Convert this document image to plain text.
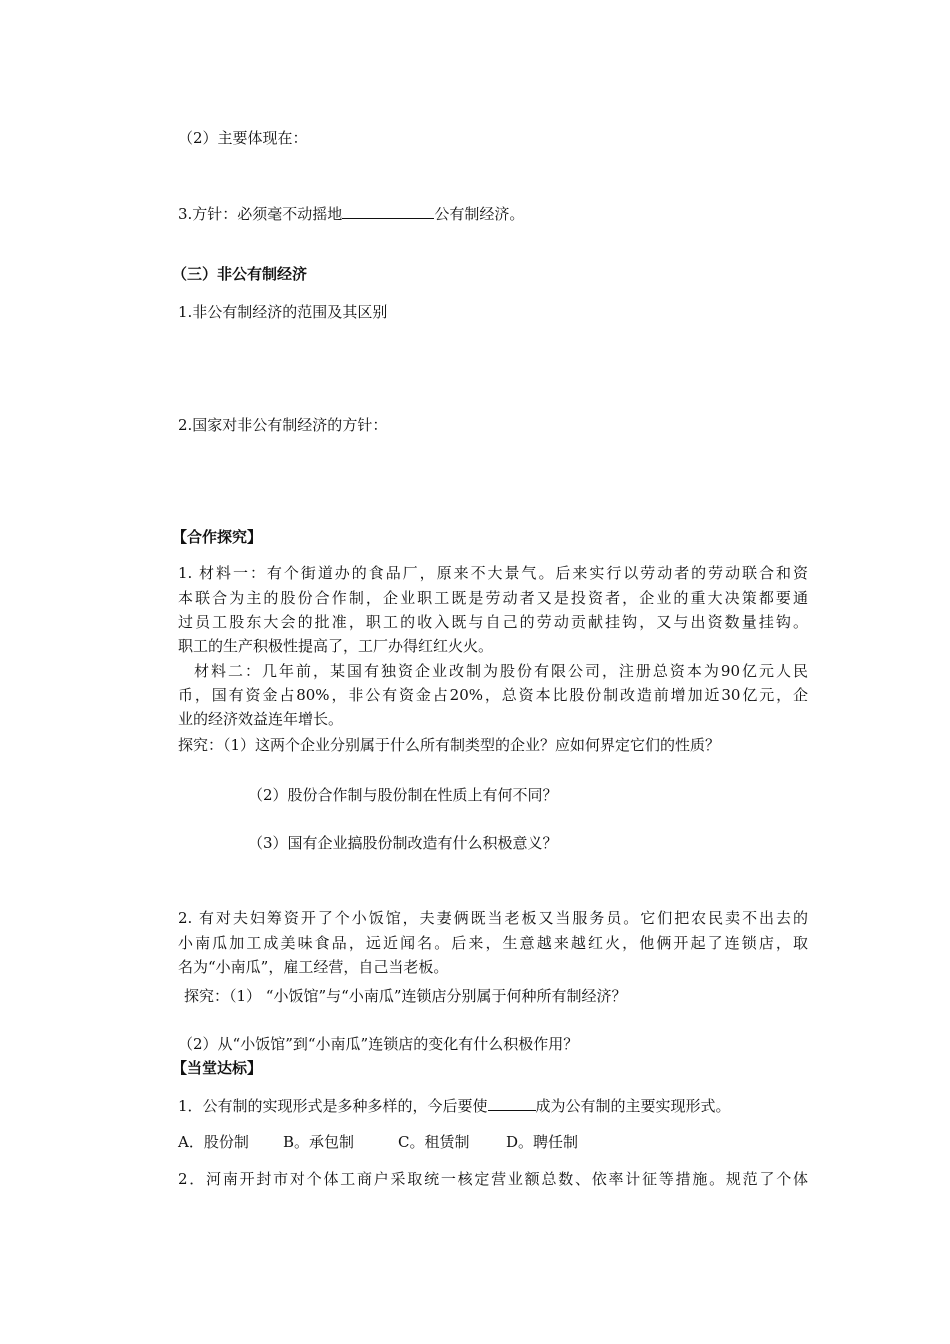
（2）主要体现在：
3.方针：必须毫不动摇地	公有制经济。
（三）非公有制经济
1.非公有制经济的范围及其区别
2.国家对非公有制经济的方针：
【合作探究】
1. 材料一：有个街道办的食品厂，原来不大景气。后来实行以劳动者的劳动联合和资
本联合为主的股份合作制，企业职工既是劳动者又是投资者，企业的重大决策都要通
过员工股东大会的批准，职工的收入既与自己的劳动贡献挂钩，又与出资数量挂钩。
职工的生产积极性提高了，工厂办得红红火火。
材料二：几年前，某国有独资企业改制为股份有限公司，注册总资本为90亿元人民
币，国有资金占80%，非公有资金占20%，总资本比股份制改造前增加近30亿元，企
业的经济效益连年增长。
探究：（1）这两个企业分别属于什么所有制类型的企业？应如何界定它们的性质？
（2）股份合作制与股份制在性质上有何不同？
（3）国有企业搞股份制改造有什么积极意义？
2. 有对夫妇筹资开了个小饭馆，夫妻俩既当老板又当服务员。它们把农民卖不出去的
小南瓜加工成美味食品，远近闻名。后来，生意越来越红火，他俩开起了连锁店，取
名为“小南瓜”，雇工经营，自己当老板。
探究：（1） “小饭馆”与“小南瓜”连锁店分别属于何种所有制经济？
（2）从“小饭馆”到“小南瓜”连锁店的变化有什么积极作用？
【当堂达标】
1．公有制的实现形式是多种多样的，今后要使	成为公有制的主要实现形式。
A．股份制 B。承包制	C。租赁制 D。聘任制
2．河南开封市对个体工商户采取统一核定营业额总数、依率计征等措施。规范了个体
